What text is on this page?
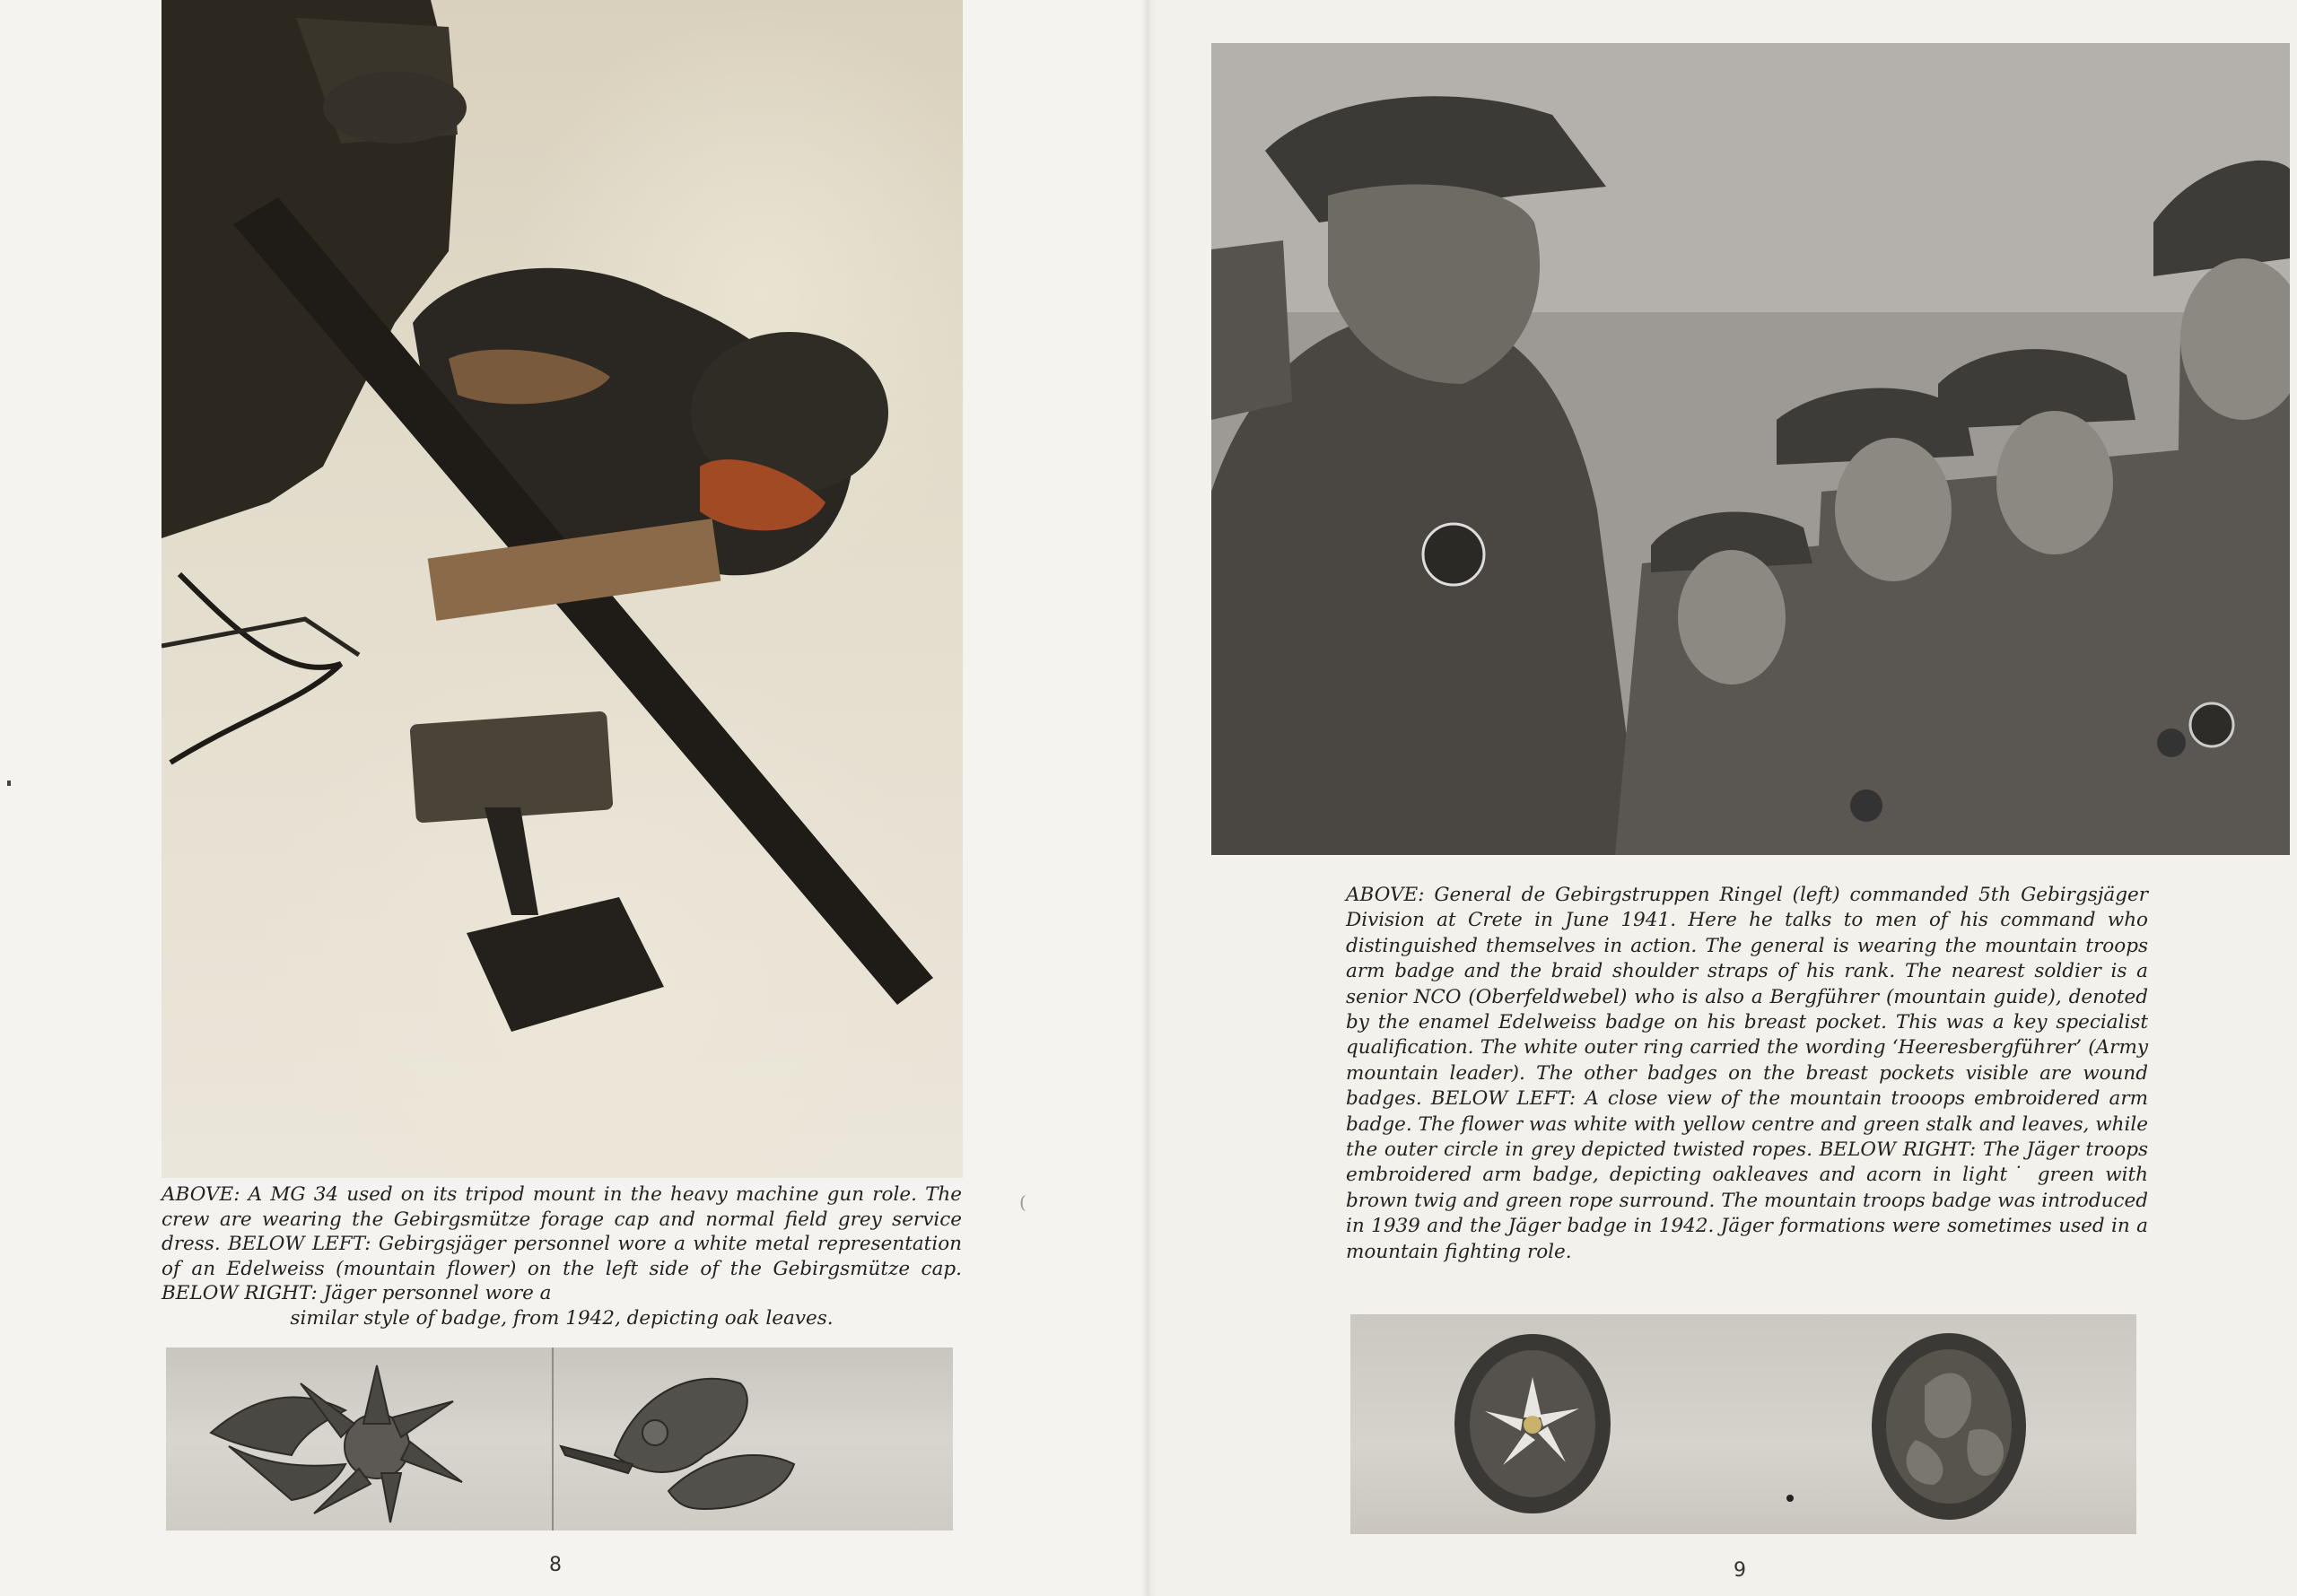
ABOVE: A MG 34 used on its tripod mount in the heavy machine gun role. The crew are wearing the Gebirgsmütze forage cap and normal field grey service dress. BELOW LEFT: Gebirgsjäger personnel wore a white metal representation of an Edelweiss (mountain flower) on the left side of the Gebirgsmütze cap. BELOW RIGHT: Jäger personnel wore a
similar style of badge, from 1942, depicting oak leaves.
(
8
ABOVE: General de Gebirgstruppen Ringel (left) commanded 5th Gebirgsjäger Division at Crete in June 1941. Here he talks to men of his command who distinguished themselves in action. The general is wearing the mountain troops arm badge and the braid shoulder straps of his rank. The nearest soldier is a senior NCO (Oberfeldwebel) who is also a Bergführer (mountain guide), denoted by the enamel Edelweiss badge on his breast pocket. This was a key specialist qualification. The white outer ring carried the wording ‘Heeresbergführer’ (Army mountain leader). The other badges on the breast pockets visible are wound badges. BELOW LEFT: A close view of the mountain trooops embroidered arm badge. The flower was white with yellow centre and green stalk and leaves, while the outer circle in grey depicted twisted ropes. BELOW RIGHT: The Jäger troops embroidered arm badge, depicting oakleaves and acorn in light˙ green with brown twig and green rope surround. The mountain troops badge was introduced in 1939 and the Jäger badge in 1942. Jäger formations were sometimes used in a mountain fighting role.
9
